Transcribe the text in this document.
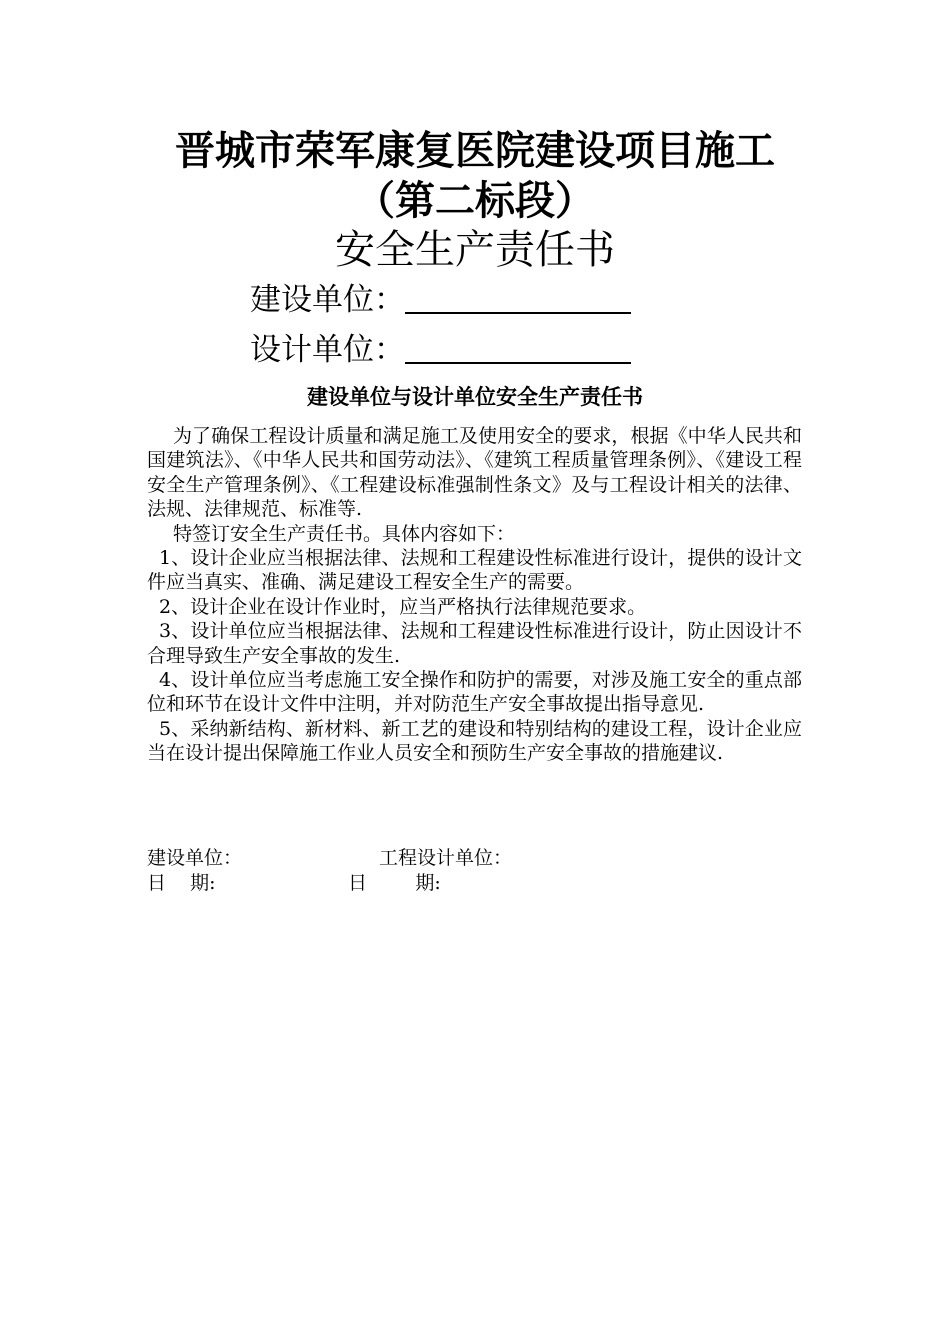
晋城市荣军康复医院建设项目施工
（第二标段）
安全生产责任书
建设单位：
设计单位：
建设单位与设计单位安全生产责任书

为了确保工程设计质量和满足施工及使用安全的要求，根据《中华人民共和国建筑法》、《中华人民共和国劳动法》、《建筑工程质量管理条例》、《建设工程安全生产管理条例》、《工程建设标准强制性条文》及与工程设计相关的法律、法规、法律规范、标准等.

特签订安全生产责任书。具体内容如下：

1、设计企业应当根据法律、法规和工程建设性标准进行设计，提供的设计文件应当真实、准确、满足建设工程安全生产的需要。

2、设计企业在设计作业时，应当严格执行法律规范要求。

3、设计单位应当根据法律、法规和工程建设性标准进行设计，防止因设计不合理导致生产安全事故的发生.

4、设计单位应当考虑施工安全操作和防护的需要，对涉及施工安全的重点部位和环节在设计文件中注明，并对防范生产安全事故提出指导意见.

5、采纳新结构、新材料、新工艺的建设和特别结构的建设工程，设计企业应当在设计提出保障施工作业人员安全和预防生产安全事故的措施建议.

建设单位：	工程设计单位：
日    期:	日        期:
